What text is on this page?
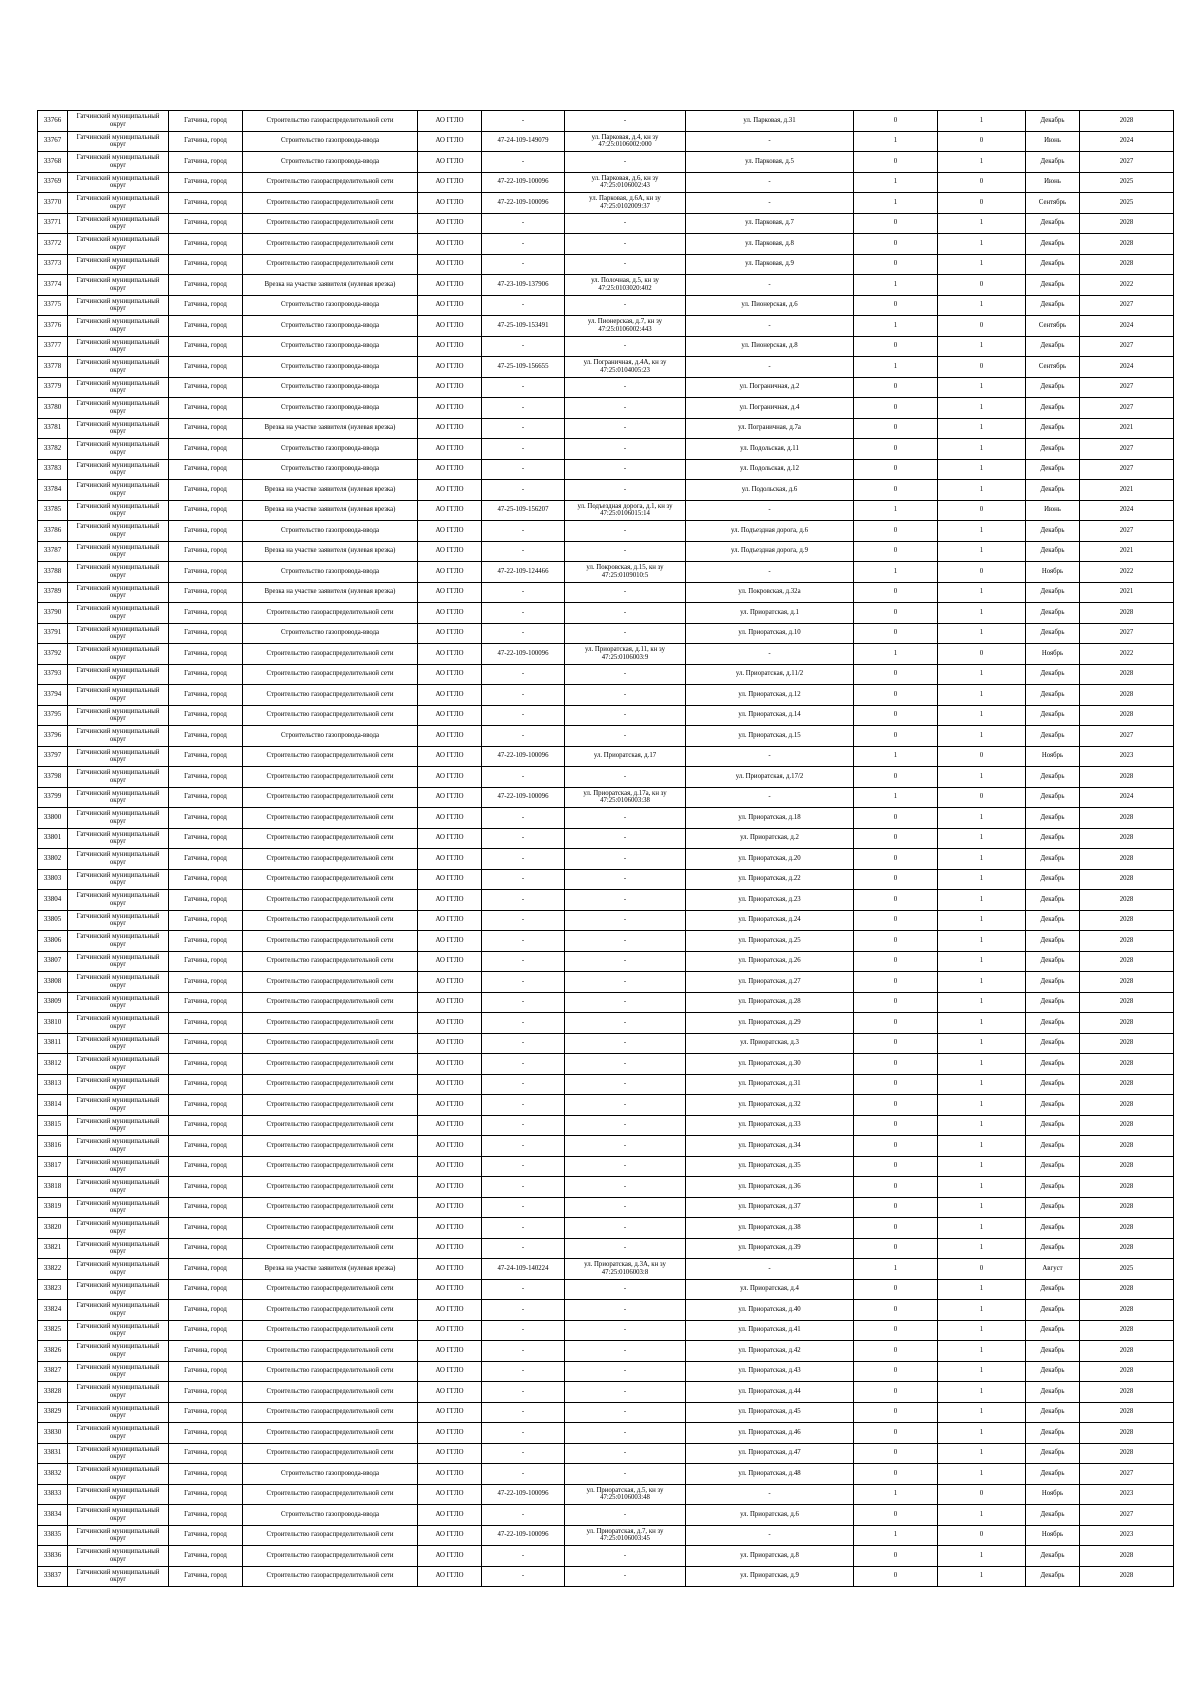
33766	Гатчинский муниципальный округ	Гатчина, город	Строительство газораспределительной сети	АО ГГЛО	-	-	ул. Парковая, д.31	0	1	Декабрь	2028
33767	Гатчинский муниципальный округ	Гатчина, город	Строительство газопровода-ввода	АО ГГЛО	47-24-109-149079	ул. Парковая, д.4, кн зу 47:25:0106002:000	-	1	0	Июнь	2024
33768	Гатчинский муниципальный округ	Гатчина, город	Строительство газопровода-ввода	АО ГГЛО	-	-	ул. Парковая, д.5	0	1	Декабрь	2027
33769	Гатчинский муниципальный округ	Гатчина, город	Строительство газораспределительной сети	АО ГГЛО	47-22-109-100096	ул. Парковая, д.6, кн зу 47:25:0106002:43	-	1	0	Июнь	2025
33770	Гатчинский муниципальный округ	Гатчина, город	Строительство газораспределительной сети	АО ГГЛО	47-22-109-100096	ул. Парковая, д.6А, кн зу 47:25:0102009:37	-	1	0	Сентябрь	2025
33771	Гатчинский муниципальный округ	Гатчина, город	Строительство газораспределительной сети	АО ГГЛО	-	-	ул. Парковая, д.7	0	1	Декабрь	2028
33772	Гатчинский муниципальный округ	Гатчина, город	Строительство газораспределительной сети	АО ГГЛО	-	-	ул. Парковая, д.8	0	1	Декабрь	2028
33773	Гатчинский муниципальный округ	Гатчина, город	Строительство газораспределительной сети	АО ГГЛО	-	-	ул. Парковая, д.9	0	1	Декабрь	2028
33774	Гатчинский муниципальный округ	Гатчина, город	Врезка на участке заявителя (нулевая врезка)	АО ГГЛО	47-23-109-137906	ул. Полочная, д.5, кн зу 47:25:0103020:402	-	1	0	Декабрь	2022
33775	Гатчинский муниципальный округ	Гатчина, город	Строительство газопровода-ввода	АО ГГЛО	-	-	ул. Пионерская, д.6	0	1	Декабрь	2027
33776	Гатчинский муниципальный округ	Гатчина, город	Строительство газопровода-ввода	АО ГГЛО	47-25-109-153491	ул. Пионерская, д.7, кн зу 47:25:0106002:443	-	1	0	Сентябрь	2024
33777	Гатчинский муниципальный округ	Гатчина, город	Строительство газопровода-ввода	АО ГГЛО	-	-	ул. Пионерская, д.8	0	1	Декабрь	2027
33778	Гатчинский муниципальный округ	Гатчина, город	Строительство газопровода-ввода	АО ГГЛО	47-25-109-156655	ул. Пограничная, д.4А, кн зу 47:25:0104005:23	-	1	0	Сентябрь	2024
33779	Гатчинский муниципальный округ	Гатчина, город	Строительство газопровода-ввода	АО ГГЛО	-	-	ул. Пограничная, д.2	0	1	Декабрь	2027
33780	Гатчинский муниципальный округ	Гатчина, город	Строительство газопровода-ввода	АО ГГЛО	-	-	ул. Пограничная, д.4	0	1	Декабрь	2027
33781	Гатчинский муниципальный округ	Гатчина, город	Врезка на участке заявителя (нулевая врезка)	АО ГГЛО	-	-	ул. Пограничная, д.7а	0	1	Декабрь	2021
33782	Гатчинский муниципальный округ	Гатчина, город	Строительство газопровода-ввода	АО ГГЛО	-	-	ул. Подольская, д.11	0	1	Декабрь	2027
33783	Гатчинский муниципальный округ	Гатчина, город	Строительство газопровода-ввода	АО ГГЛО	-	-	ул. Подольская, д.12	0	1	Декабрь	2027
33784	Гатчинский муниципальный округ	Гатчина, город	Врезка на участке заявителя (нулевая врезка)	АО ГГЛО	-	-	ул. Подольская, д.6	0	1	Декабрь	2021
33785	Гатчинский муниципальный округ	Гатчина, город	Врезка на участке заявителя (нулевая врезка)	АО ГГЛО	47-25-109-156207	ул. Подъездная дорога, д.1, кн зу 47:25:0106015:14	-	1	0	Июнь	2024
33786	Гатчинский муниципальный округ	Гатчина, город	Строительство газопровода-ввода	АО ГГЛО	-	-	ул. Подъездная дорога, д.6	0	1	Декабрь	2027
33787	Гатчинский муниципальный округ	Гатчина, город	Врезка на участке заявителя (нулевая врезка)	АО ГГЛО	-	-	ул. Подъездная дорога, д.9	0	1	Декабрь	2021
33788	Гатчинский муниципальный округ	Гатчина, город	Строительство газопровода-ввода	АО ГГЛО	47-22-109-124466	ул. Покровская, д.15, кн зу 47:25:0109010:5	-	1	0	Ноябрь	2022
33789	Гатчинский муниципальный округ	Гатчина, город	Врезка на участке заявителя (нулевая врезка)	АО ГГЛО	-	-	ул. Покровская, д.32а	0	1	Декабрь	2021
33790	Гатчинский муниципальный округ	Гатчина, город	Строительство газораспределительной сети	АО ГГЛО	-	-	ул. Приоратская, д.1	0	1	Декабрь	2028
33791	Гатчинский муниципальный округ	Гатчина, город	Строительство газопровода-ввода	АО ГГЛО	-	-	ул. Приоратская, д.10	0	1	Декабрь	2027
33792	Гатчинский муниципальный округ	Гатчина, город	Строительство газораспределительной сети	АО ГГЛО	47-22-109-100096	ул. Приоратская, д.11, кн зу 47:25:0106003:9	-	1	0	Ноябрь	2022
33793	Гатчинский муниципальный округ	Гатчина, город	Строительство газораспределительной сети	АО ГГЛО	-	-	ул. Приоратская, д.11/2	0	1	Декабрь	2028
33794	Гатчинский муниципальный округ	Гатчина, город	Строительство газораспределительной сети	АО ГГЛО	-	-	ул. Приоратская, д.12	0	1	Декабрь	2028
33795	Гатчинский муниципальный округ	Гатчина, город	Строительство газораспределительной сети	АО ГГЛО	-	-	ул. Приоратская, д.14	0	1	Декабрь	2028
33796	Гатчинский муниципальный округ	Гатчина, город	Строительство газопровода-ввода	АО ГГЛО	-	-	ул. Приоратская, д.15	0	1	Декабрь	2027
33797	Гатчинский муниципальный округ	Гатчина, город	Строительство газораспределительной сети	АО ГГЛО	47-22-109-100096	ул. Приоратская, д.17	-	1	0	Ноябрь	2023
33798	Гатчинский муниципальный округ	Гатчина, город	Строительство газораспределительной сети	АО ГГЛО	-	-	ул. Приоратская, д.17/2	0	1	Декабрь	2028
33799	Гатчинский муниципальный округ	Гатчина, город	Строительство газораспределительной сети	АО ГГЛО	47-22-109-100096	ул. Приоратская, д.17а, кн зу 47:25:0106003:38	-	1	0	Декабрь	2024
33800	Гатчинский муниципальный округ	Гатчина, город	Строительство газораспределительной сети	АО ГГЛО	-	-	ул. Приоратская, д.18	0	1	Декабрь	2028
33801	Гатчинский муниципальный округ	Гатчина, город	Строительство газораспределительной сети	АО ГГЛО	-	-	ул. Приоратская, д.2	0	1	Декабрь	2028
33802	Гатчинский муниципальный округ	Гатчина, город	Строительство газораспределительной сети	АО ГГЛО	-	-	ул. Приоратская, д.20	0	1	Декабрь	2028
33803	Гатчинский муниципальный округ	Гатчина, город	Строительство газораспределительной сети	АО ГГЛО	-	-	ул. Приоратская, д.22	0	1	Декабрь	2028
33804	Гатчинский муниципальный округ	Гатчина, город	Строительство газораспределительной сети	АО ГГЛО	-	-	ул. Приоратская, д.23	0	1	Декабрь	2028
33805	Гатчинский муниципальный округ	Гатчина, город	Строительство газораспределительной сети	АО ГГЛО	-	-	ул. Приоратская, д.24	0	1	Декабрь	2028
33806	Гатчинский муниципальный округ	Гатчина, город	Строительство газораспределительной сети	АО ГГЛО	-	-	ул. Приоратская, д.25	0	1	Декабрь	2028
33807	Гатчинский муниципальный округ	Гатчина, город	Строительство газораспределительной сети	АО ГГЛО	-	-	ул. Приоратская, д.26	0	1	Декабрь	2028
33808	Гатчинский муниципальный округ	Гатчина, город	Строительство газораспределительной сети	АО ГГЛО	-	-	ул. Приоратская, д.27	0	1	Декабрь	2028
33809	Гатчинский муниципальный округ	Гатчина, город	Строительство газораспределительной сети	АО ГГЛО	-	-	ул. Приоратская, д.28	0	1	Декабрь	2028
33810	Гатчинский муниципальный округ	Гатчина, город	Строительство газораспределительной сети	АО ГГЛО	-	-	ул. Приоратская, д.29	0	1	Декабрь	2028
33811	Гатчинский муниципальный округ	Гатчина, город	Строительство газораспределительной сети	АО ГГЛО	-	-	ул. Приоратская, д.3	0	1	Декабрь	2028
33812	Гатчинский муниципальный округ	Гатчина, город	Строительство газораспределительной сети	АО ГГЛО	-	-	ул. Приоратская, д.30	0	1	Декабрь	2028
33813	Гатчинский муниципальный округ	Гатчина, город	Строительство газораспределительной сети	АО ГГЛО	-	-	ул. Приоратская, д.31	0	1	Декабрь	2028
33814	Гатчинский муниципальный округ	Гатчина, город	Строительство газораспределительной сети	АО ГГЛО	-	-	ул. Приоратская, д.32	0	1	Декабрь	2028
33815	Гатчинский муниципальный округ	Гатчина, город	Строительство газораспределительной сети	АО ГГЛО	-	-	ул. Приоратская, д.33	0	1	Декабрь	2028
33816	Гатчинский муниципальный округ	Гатчина, город	Строительство газораспределительной сети	АО ГГЛО	-	-	ул. Приоратская, д.34	0	1	Декабрь	2028
33817	Гатчинский муниципальный округ	Гатчина, город	Строительство газораспределительной сети	АО ГГЛО	-	-	ул. Приоратская, д.35	0	1	Декабрь	2028
33818	Гатчинский муниципальный округ	Гатчина, город	Строительство газораспределительной сети	АО ГГЛО	-	-	ул. Приоратская, д.36	0	1	Декабрь	2028
33819	Гатчинский муниципальный округ	Гатчина, город	Строительство газораспределительной сети	АО ГГЛО	-	-	ул. Приоратская, д.37	0	1	Декабрь	2028
33820	Гатчинский муниципальный округ	Гатчина, город	Строительство газораспределительной сети	АО ГГЛО	-	-	ул. Приоратская, д.38	0	1	Декабрь	2028
33821	Гатчинский муниципальный округ	Гатчина, город	Строительство газораспределительной сети	АО ГГЛО	-	-	ул. Приоратская, д.39	0	1	Декабрь	2028
33822	Гатчинский муниципальный округ	Гатчина, город	Врезка на участке заявителя (нулевая врезка)	АО ГГЛО	47-24-109-140224	ул. Приоратская, д.3А, кн зу 47:25:0106003:8	-	1	0	Август	2025
33823	Гатчинский муниципальный округ	Гатчина, город	Строительство газораспределительной сети	АО ГГЛО	-	-	ул. Приоратская, д.4	0	1	Декабрь	2028
33824	Гатчинский муниципальный округ	Гатчина, город	Строительство газораспределительной сети	АО ГГЛО	-	-	ул. Приоратская, д.40	0	1	Декабрь	2028
33825	Гатчинский муниципальный округ	Гатчина, город	Строительство газораспределительной сети	АО ГГЛО	-	-	ул. Приоратская, д.41	0	1	Декабрь	2028
33826	Гатчинский муниципальный округ	Гатчина, город	Строительство газораспределительной сети	АО ГГЛО	-	-	ул. Приоратская, д.42	0	1	Декабрь	2028
33827	Гатчинский муниципальный округ	Гатчина, город	Строительство газораспределительной сети	АО ГГЛО	-	-	ул. Приоратская, д.43	0	1	Декабрь	2028
33828	Гатчинский муниципальный округ	Гатчина, город	Строительство газораспределительной сети	АО ГГЛО	-	-	ул. Приоратская, д.44	0	1	Декабрь	2028
33829	Гатчинский муниципальный округ	Гатчина, город	Строительство газораспределительной сети	АО ГГЛО	-	-	ул. Приоратская, д.45	0	1	Декабрь	2028
33830	Гатчинский муниципальный округ	Гатчина, город	Строительство газораспределительной сети	АО ГГЛО	-	-	ул. Приоратская, д.46	0	1	Декабрь	2028
33831	Гатчинский муниципальный округ	Гатчина, город	Строительство газораспределительной сети	АО ГГЛО	-	-	ул. Приоратская, д.47	0	1	Декабрь	2028
33832	Гатчинский муниципальный округ	Гатчина, город	Строительство газопровода-ввода	АО ГГЛО	-	-	ул. Приоратская, д.48	0	1	Декабрь	2027
33833	Гатчинский муниципальный округ	Гатчина, город	Строительство газораспределительной сети	АО ГГЛО	47-22-109-100096	ул. Приоратская, д.5, кн зу 47:25:0106003:48	-	1	0	Ноябрь	2023
33834	Гатчинский муниципальный округ	Гатчина, город	Строительство газопровода-ввода	АО ГГЛО	-	-	ул. Приоратская, д.6	0	1	Декабрь	2027
33835	Гатчинский муниципальный округ	Гатчина, город	Строительство газораспределительной сети	АО ГГЛО	47-22-109-100096	ул. Приоратская, д.7, кн зу 47:25:0106003:45	-	1	0	Ноябрь	2023
33836	Гатчинский муниципальный округ	Гатчина, город	Строительство газораспределительной сети	АО ГГЛО	-	-	ул. Приоратская, д.8	0	1	Декабрь	2028
33837	Гатчинский муниципальный округ	Гатчина, город	Строительство газораспределительной сети	АО ГГЛО	-	-	ул. Приоратская, д.9	0	1	Декабрь	2028
